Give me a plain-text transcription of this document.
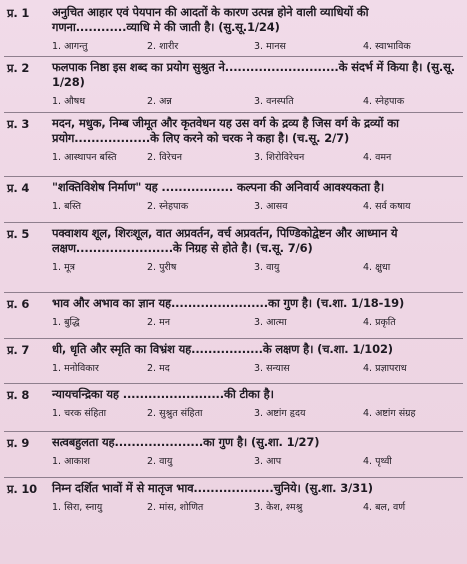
प्र. 1 अनुचित आहार एवं पेयपान की आदतों के कारण उत्पन्न होने वाली व्याधियों की गणना............व्याधि मे की जाती है। (सु.सू.1/24)
1. आगन्तु	2. शारीर	3. मानस	4. स्वाभाविक
प्र. 2 फलपाक निष्ठा इस शब्द का प्रयोग सुश्रुत ने...........................के संदर्भ में किया है। (सु.सू. 1/28)
1. औषध	2. अन्न	3. वनस्पति	4. स्नेहपाक
प्र. 3 मदन, मधुक, निम्ब जीमूत और कृतवेधन यह उस वर्ग के द्रव्य है जिस वर्ग के द्रव्यों का प्रयोग..................के लिए करने को चरक ने कहा है। (च.सू. 2/7)
1. आस्थापन बस्ति	2. विरेचन	3. शिरोविरेचन	4. वमन
प्र. 4 "शक्तिविशेष निर्माण" यह ................. कल्पना की अनिवार्य आवश्यकता है।
1. बस्ति	2. स्नेहपाक	3. आसव	4. सर्व कषाय
प्र. 5 पक्वाशय शूल, शिरःशूल, वात अप्रवर्तन, वर्च अप्रवर्तन, पिण्डिकोद्वेष्टन और आध्मान ये लक्षण.......................के निग्रह से होते है। (च.सू. 7/6)
1. मूत्र	2. पुरीष	3. वायु	4. क्षुधा
प्र. 6 भाव और अभाव का ज्ञान यह.......................का गुण है। (च.शा. 1/18-19)
1. बुद्धि	2. मन	3. आत्मा	4. प्रकृति
प्र. 7 धी, धृति और स्मृति का विभ्रंश यह.................के लक्षण है। (च.शा. 1/102)
1. मनोविकार	2. मद	3. सन्यास	4. प्रज्ञापराध
प्र. 8 न्यायचन्द्रिका यह ........................की टीका है।
1. चरक संहिता	2. सुश्रुत संहिता	3. अष्टांग हृदय	4. अष्टांग संग्रह
प्र. 9 सत्वबहुलता यह.....................का गुण है। (सु.शा. 1/27)
1. आकाश	2. वायु	3. आप	4. पृथ्वी
प्र. 10 निम्न दर्शित भावों में से मातृज भाव...................चुनिये। (सु.शा. 3/31)
1. सिरा, स्नायु	2. मांस, शोणित	3. केश, श्मश्रु	4. बल, वर्ण
